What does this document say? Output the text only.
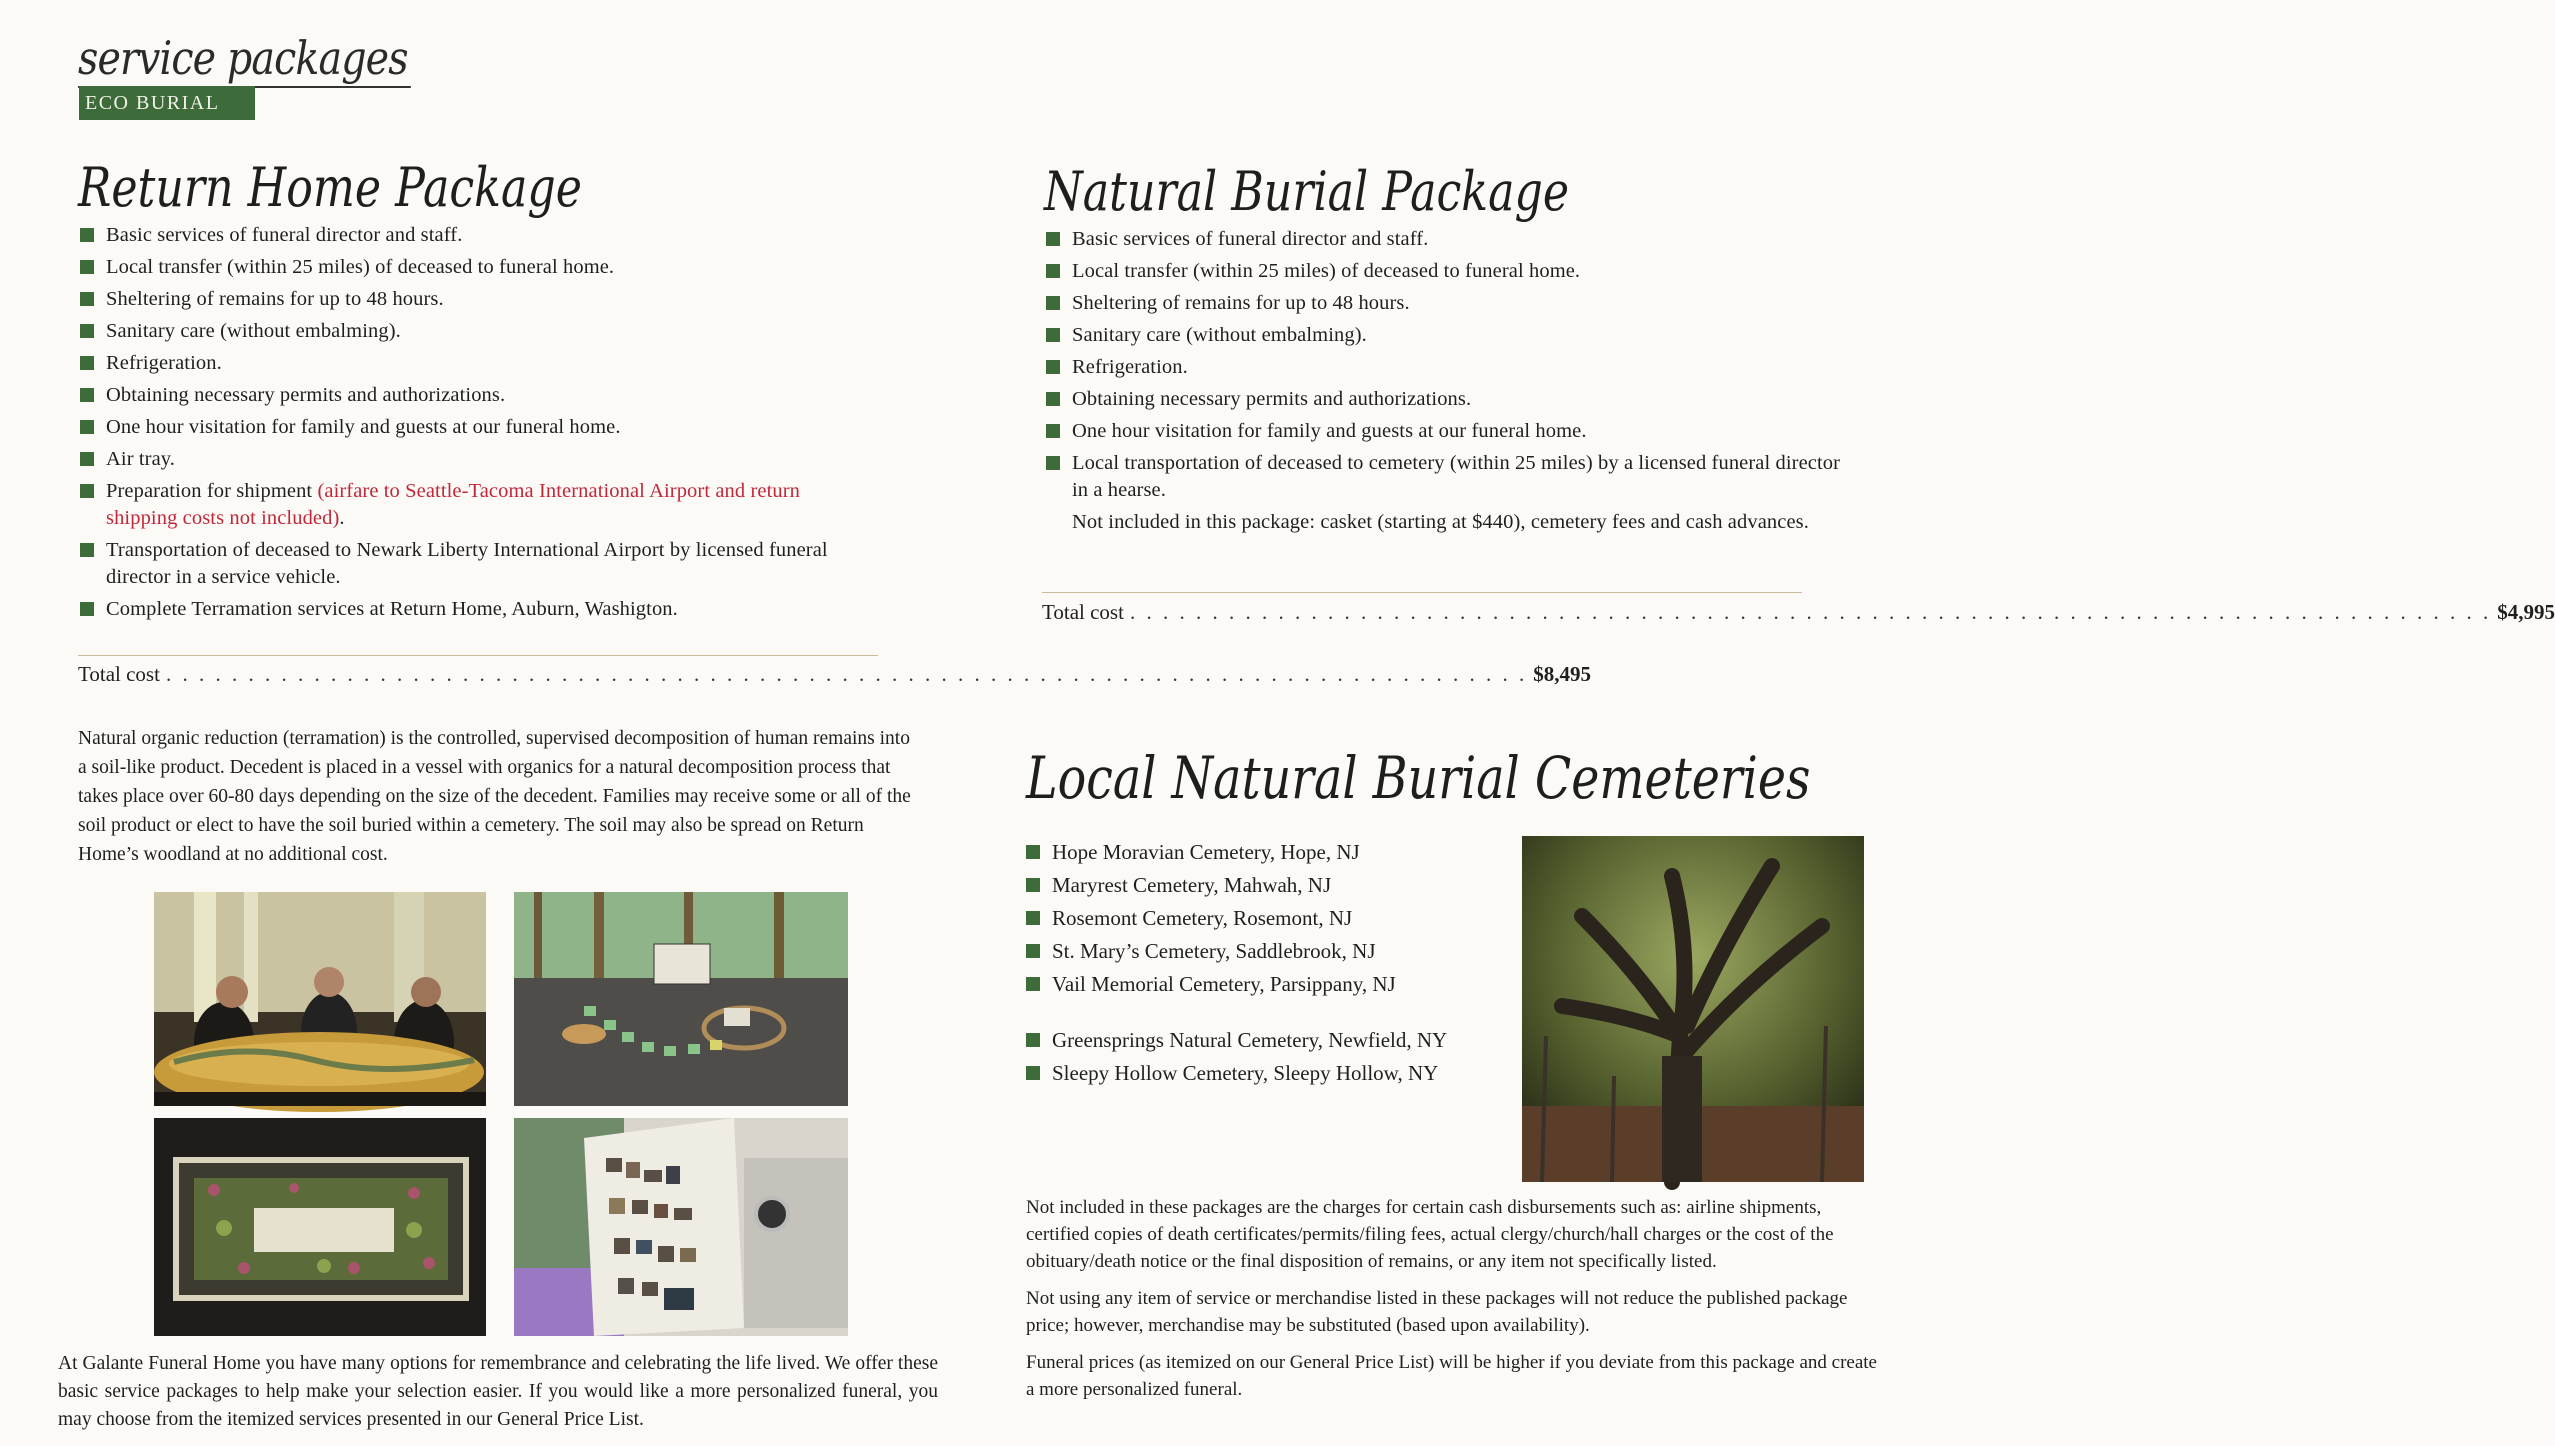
service packages
ECO BURIAL
Return Home Package
Basic services of funeral director and staff.
Local transfer (within 25 miles) of deceased to funeral home.
Sheltering of remains for up to 48 hours.
Sanitary care (without embalming).
Refrigeration.
Obtaining necessary permits and authorizations.
One hour visitation for family and guests at our funeral home.
Air tray.
Preparation for shipment (airfare to Seattle-Tacoma International Airport and return shipping costs not included).
Transportation of deceased to Newark Liberty International Airport by licensed funeral director in a service vehicle.
Complete Terramation services at Return Home, Auburn, Washigton.
Total cost . . . . . . . . . . . . . . . . . . . . . . . . . . . . . . . . . . . . . . . . . . . . . . . . . . . . . . . . . . . . . . . . . . . . . . . . . . . . . . . . . . . $8,495
Natural organic reduction (terramation) is the controlled, supervised decomposition of human remains into a soil-like product. Decedent is placed in a vessel with organics for a natural decomposition process that takes place over 60-80 days depending on the size of the decedent. Families may receive some or all of the soil product or elect to have the soil buried within a cemetery. The soil may also be spread on Return Home’s woodland at no additional cost.
At Galante Funeral Home you have many options for remembrance and celebrating the life lived. We offer these basic service packages to help make your selection easier. If you would like a more personalized funeral, you may choose from the itemized services presented in our General Price List.
Natural Burial Package
Basic services of funeral director and staff.
Local transfer (within 25 miles) of deceased to funeral home.
Sheltering of remains for up to 48 hours.
Sanitary care (without embalming).
Refrigeration.
Obtaining necessary permits and authorizations.
One hour visitation for family and guests at our funeral home.
Local transportation of deceased to cemetery (within 25 miles) by a licensed funeral director in a hearse.
Not included in this package: casket (starting at $440), cemetery fees and cash advances.
Total cost . . . . . . . . . . . . . . . . . . . . . . . . . . . . . . . . . . . . . . . . . . . . . . . . . . . . . . . . . . . . . . . . . . . . . . . . . . . . . . . . . . . $4,995
Local Natural Burial Cemeteries
Hope Moravian Cemetery, Hope, NJ
Maryrest Cemetery, Mahwah, NJ
Rosemont Cemetery, Rosemont, NJ
St. Mary’s Cemetery, Saddlebrook, NJ
Vail Memorial Cemetery, Parsippany, NJ
Greensprings Natural Cemetery, Newfield, NY
Sleepy Hollow Cemetery, Sleepy Hollow, NY

Not included in these packages are the charges for certain cash disbursements such as: airline shipments, certified copies of death certificates/permits/filing fees, actual clergy/church/hall charges or the cost of the obituary/death notice or the final disposition of remains, or any item not specifically listed.

Not using any item of service or merchandise listed in these packages will not reduce the published package price; however, merchandise may be substituted (based upon availability).

Funeral prices (as itemized on our General Price List) will be higher if you deviate from this package and create a more personalized funeral.
